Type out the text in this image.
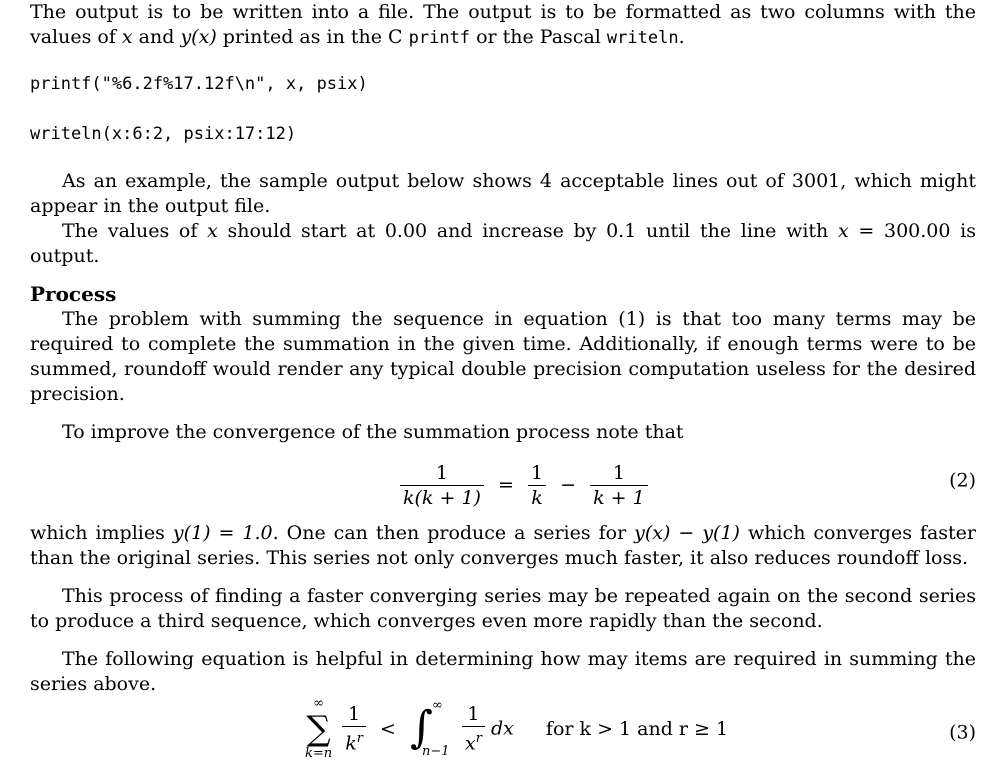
The output is to be written into a file. The output is to be formatted as two columns with the values of x and y(x) printed as in the C printf or the Pascal writeln.

printf("%6.2f%17.12f\n", x, psix)

writeln(x:6:2, psix:17:12)

As an example, the sample output below shows 4 acceptable lines out of 3001, which might appear in the output file.

The values of x should start at 0.00 and increase by 0.1 until the line with x = 300.00 is output.

Process

The problem with summing the sequence in equation (1) is that too many terms may be required to complete the summation in the given time. Additionally, if enough terms were to be summed, roundoff would render any typical double precision computation useless for the desired precision.

To improve the convergence of the summation process note that

$\frac{1}{k(k + 1)} = \frac{1}{k} - \frac{1}{k + 1}$	(2)

which implies y(1) = 1.0. One can then produce a series for y(x) − y(1) which converges faster than the original series. This series not only converges much faster, it also reduces roundoff loss.

This process of finding a faster converging series may be repeated again on the second series to produce a third sequence, which converges even more rapidly than the second.

The following equation is helpful in determining how may items are required in summing the series above.

∞
∑
k=n
$\frac{1}{k^r}$ <
∞
∫
n−1
$\frac{1}{x^r}$ dx for k > 1 and r ≥ 1	(3)
